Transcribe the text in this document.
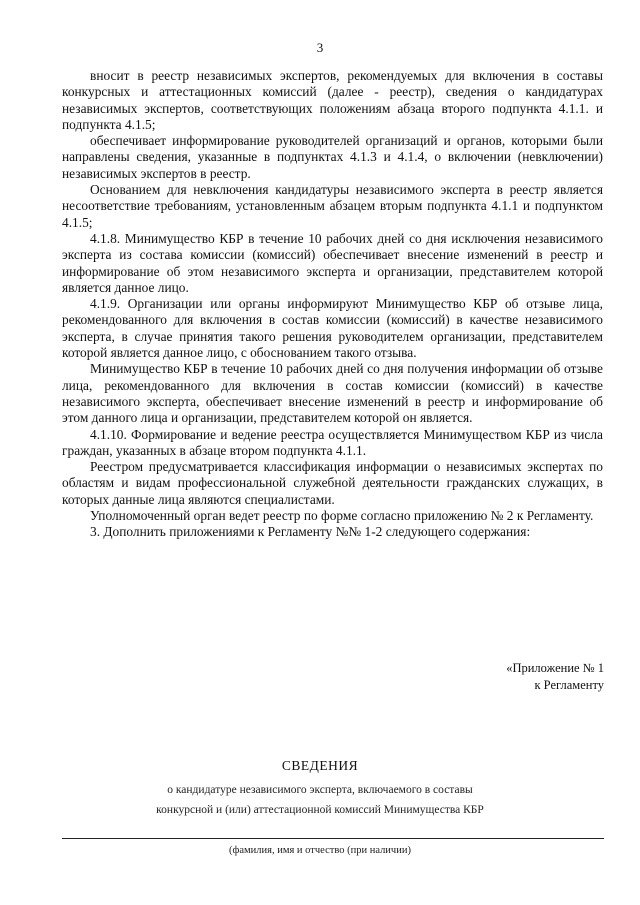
3

вносит в реестр независимых экспертов, рекомендуемых для включения в составы конкурсных и аттестационных комиссий (далее - реестр), сведения о кандидатурах независимых экспертов, соответствующих положениям абзаца второго подпункта 4.1.1. и подпункта 4.1.5;

обеспечивает информирование руководителей организаций и органов, которыми были направлены сведения, указанные в подпунктах 4.1.3 и 4.1.4, о включении (невключении) независимых экспертов в реестр.

Основанием для невключения кандидатуры независимого эксперта в реестр является несоответствие требованиям, установленным абзацем вторым подпункта 4.1.1 и подпунктом 4.1.5;

4.1.8. Минимущество КБР в течение 10 рабочих дней со дня исключения независимого эксперта из состава комиссии (комиссий) обеспечивает внесение изменений в реестр и информирование об этом независимого эксперта и организации, представителем которой является данное лицо.

4.1.9. Организации или органы информируют Минимущество КБР об отзыве лица, рекомендованного для включения в состав комиссии (комиссий) в качестве независимого эксперта, в случае принятия такого решения руководителем организации, представителем которой является данное лицо, с обоснованием такого отзыва.

Минимущество КБР в течение 10 рабочих дней со дня получения информации об отзыве лица, рекомендованного для включения в состав комиссии (комиссий) в качестве независимого эксперта, обеспечивает внесение изменений в реестр и информирование об этом данного лица и организации, представителем которой он является.

4.1.10. Формирование и ведение реестра осуществляется Минимуществом КБР из числа граждан, указанных в абзаце втором подпункта 4.1.1.

Реестром предусматривается классификация информации о независимых экспертах по областям и видам профессиональной служебной деятельности гражданских служащих, в которых данные лица являются специалистами.

Уполномоченный орган ведет реестр по форме согласно приложению № 2 к Регламенту.

3. Дополнить приложениями к Регламенту №№ 1-2 следующего содержания:

«Приложение № 1
к Регламенту
СВЕДЕНИЯ
о кандидатуре независимого эксперта, включаемого в составы
конкурсной и (или) аттестационной комиссий Минимущества КБР
(фамилия, имя и отчество (при наличии)
